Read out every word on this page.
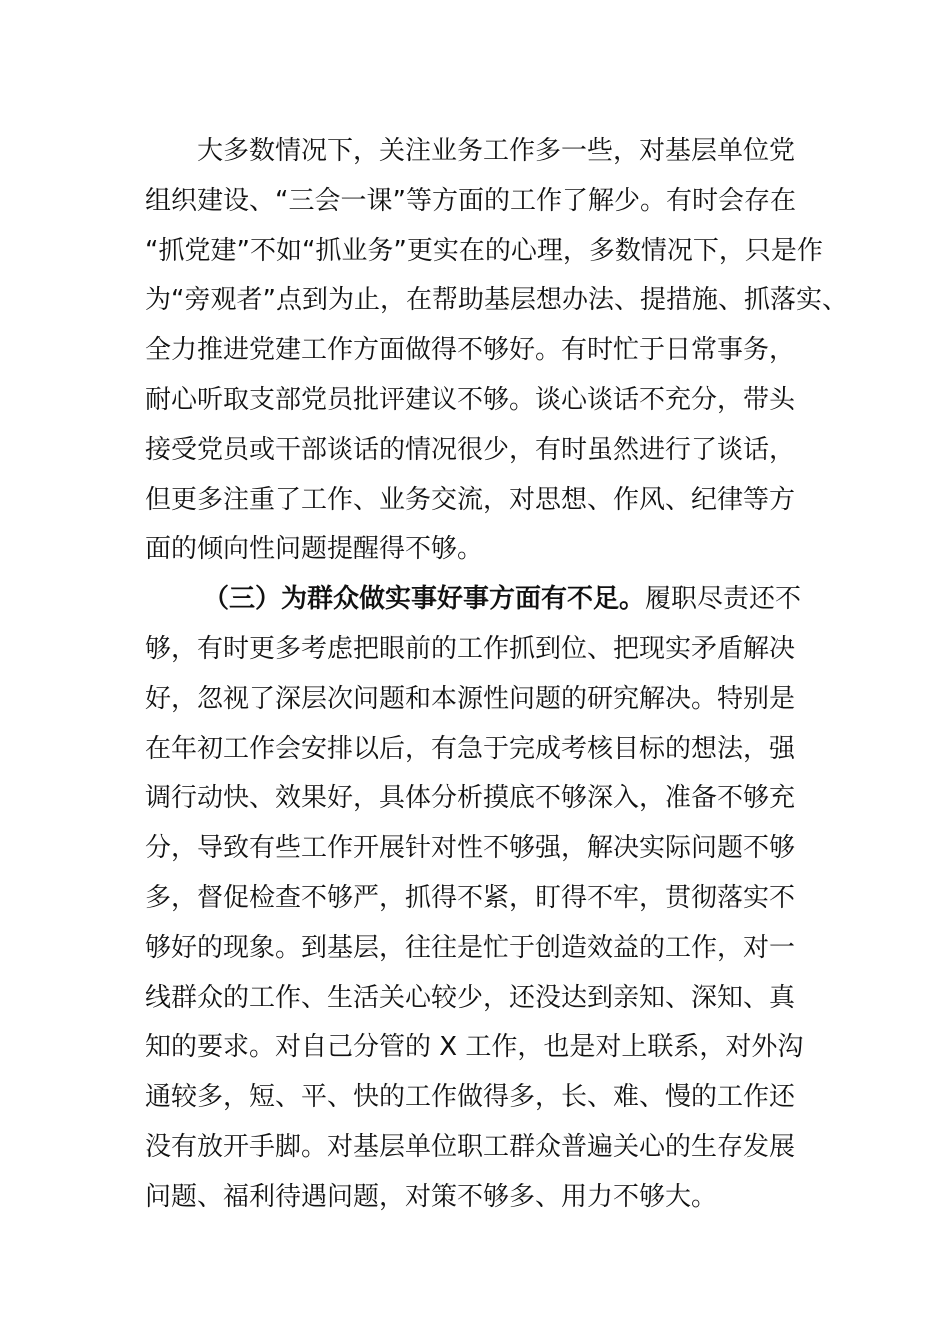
大多数情况下，关注业务工作多一些，对基层单位党
组织建设、“三会一课”等方面的工作了解少。有时会存在
“抓党建”不如“抓业务”更实在的心理，多数情况下，只是作
为“旁观者”点到为止，在帮助基层想办法、提措施、抓落实、
全力推进党建工作方面做得不够好。有时忙于日常事务，
耐心听取支部党员批评建议不够。谈心谈话不充分，带头
接受党员或干部谈话的情况很少，有时虽然进行了谈话，
但更多注重了工作、业务交流，对思想、作风、纪律等方
面的倾向性问题提醒得不够。
（三）为群众做实事好事方面有不足。履职尽责还不
够，有时更多考虑把眼前的工作抓到位、把现实矛盾解决
好，忽视了深层次问题和本源性问题的研究解决。特别是
在年初工作会安排以后，有急于完成考核目标的想法，强
调行动快、效果好，具体分析摸底不够深入，准备不够充
分，导致有些工作开展针对性不够强，解决实际问题不够
多，督促检查不够严，抓得不紧，盯得不牢，贯彻落实不
够好的现象。到基层，往往是忙于创造效益的工作，对一
线群众的工作、生活关心较少，还没达到亲知、深知、真
知的要求。对自己分管的 X 工作，也是对上联系，对外沟
通较多，短、平、快的工作做得多，长、难、慢的工作还
没有放开手脚。对基层单位职工群众普遍关心的生存发展
问题、福利待遇问题，对策不够多、用力不够大。
